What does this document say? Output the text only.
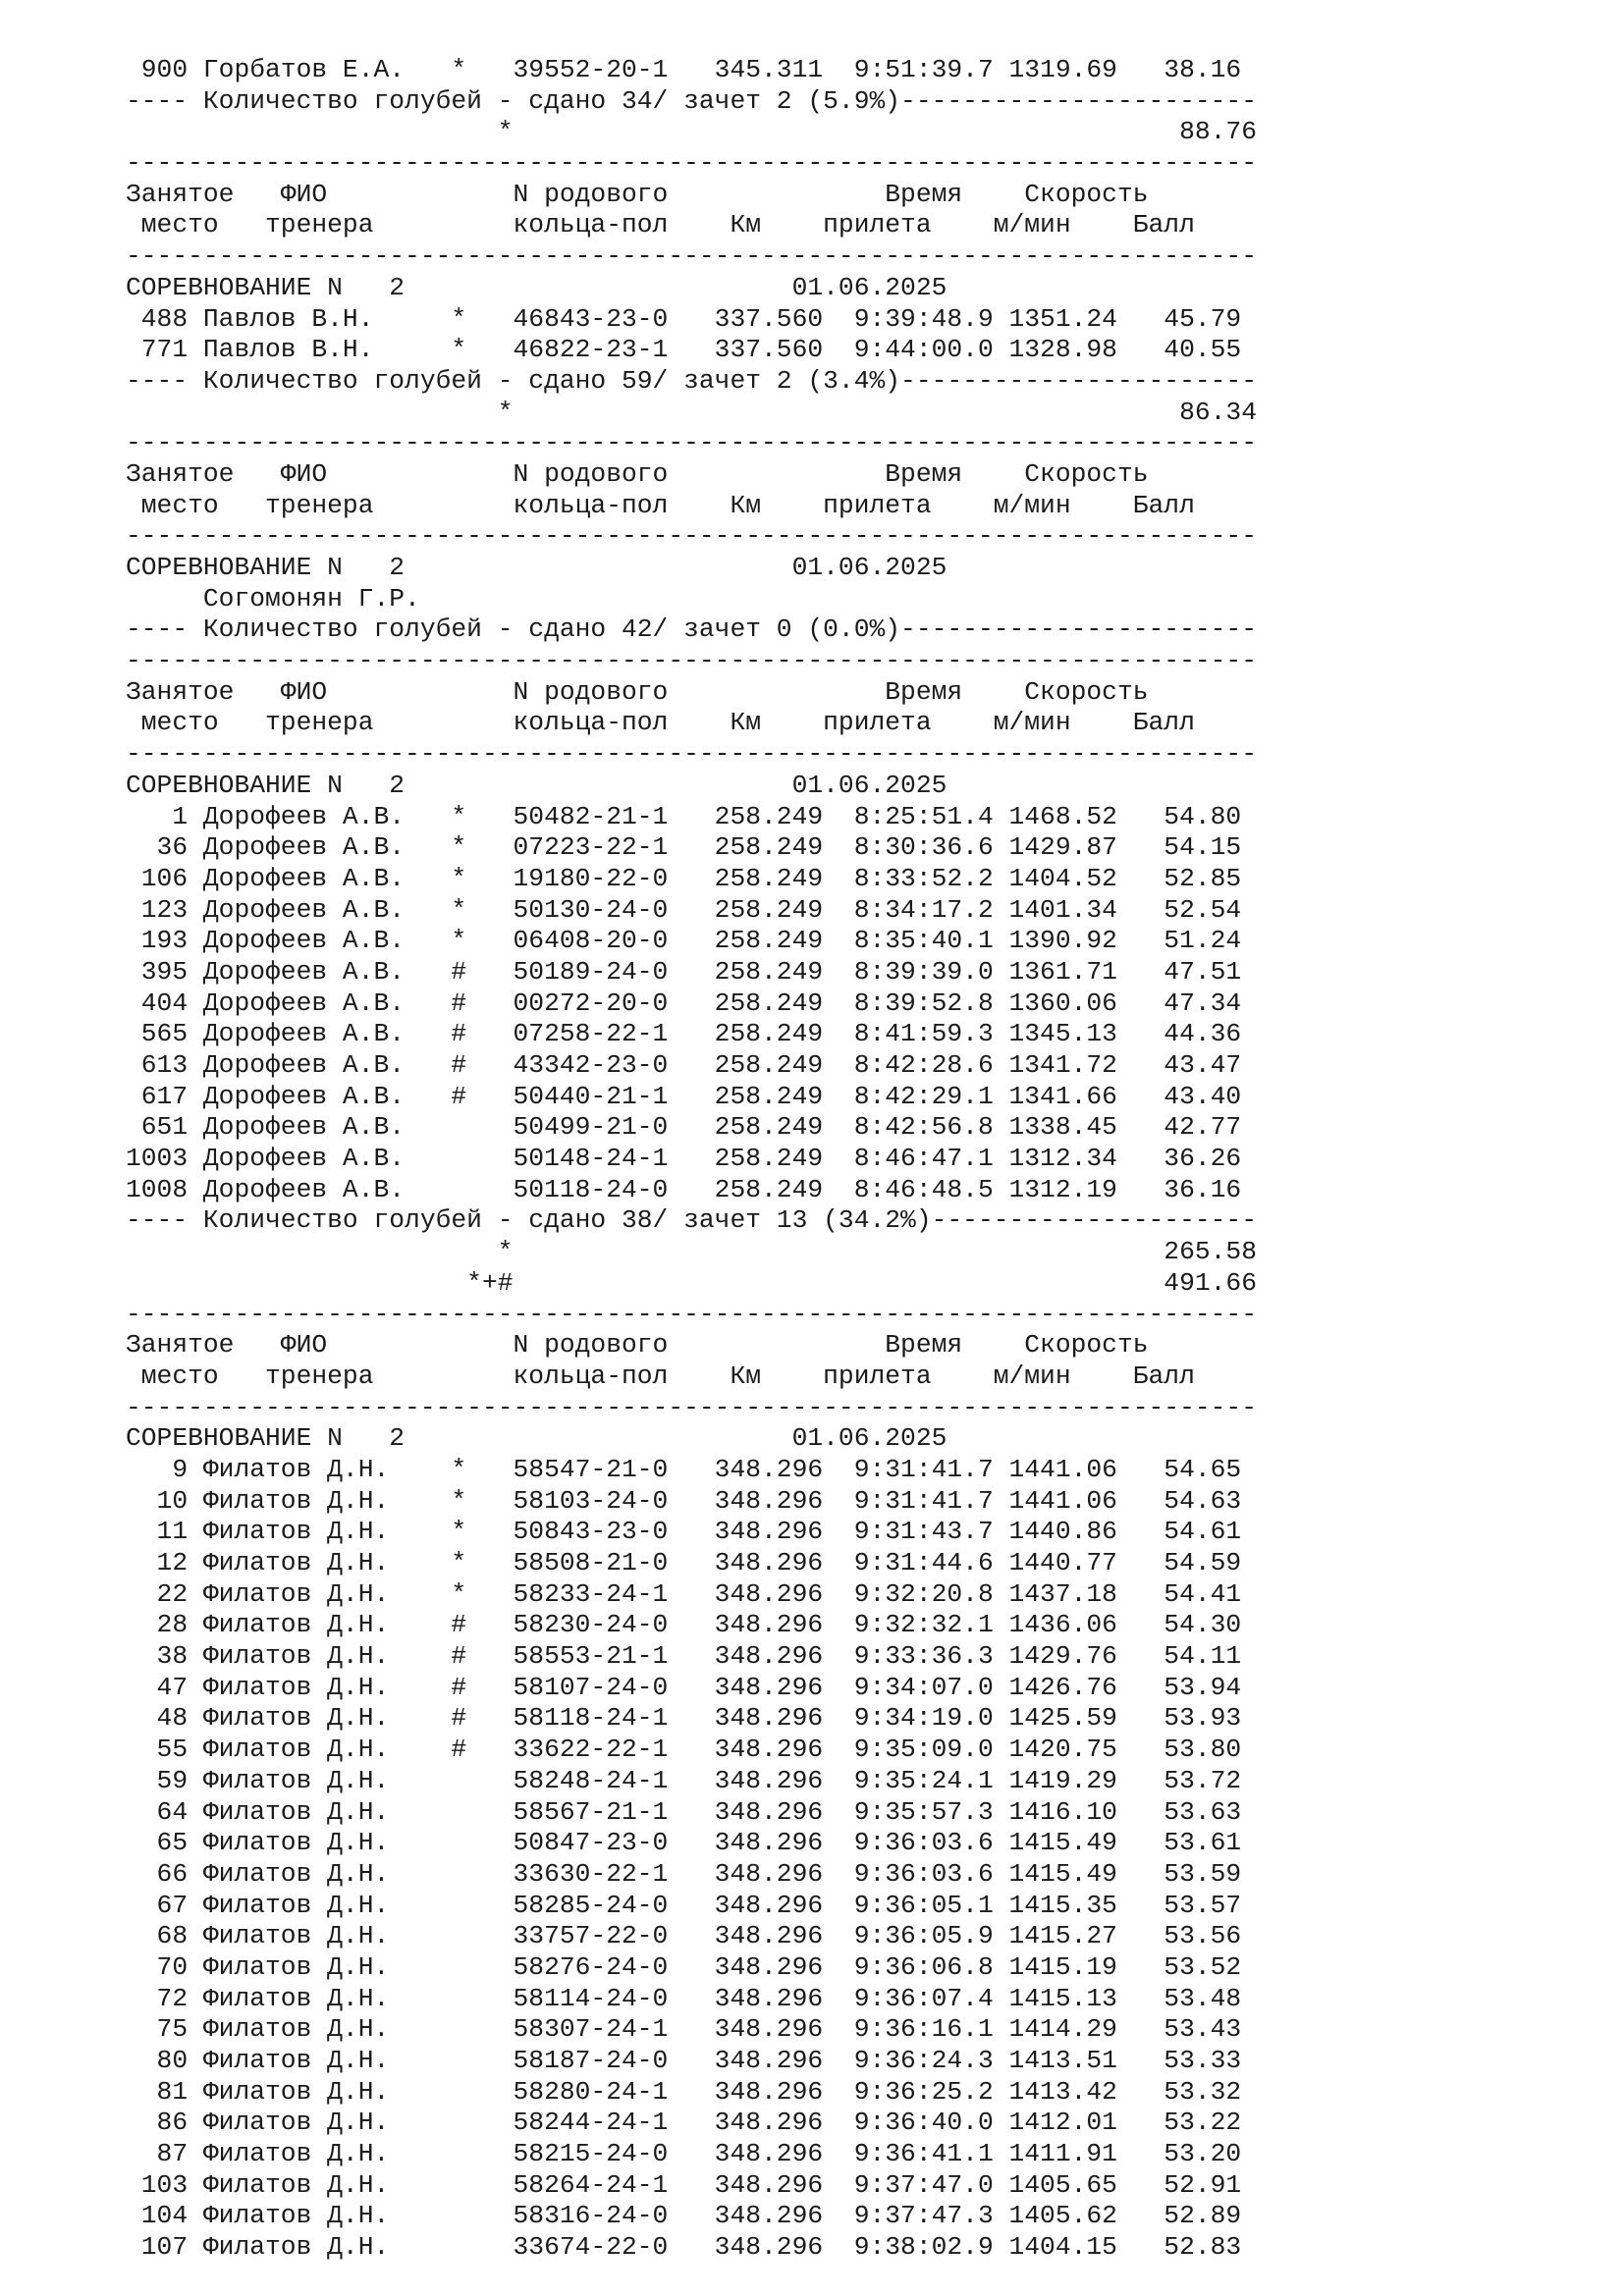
900 Горбатов Е.А.   *   39552-20-1   345.311  9:51:39.7 1319.69   38.16
---- Количество голубей - сдано 34/ зачет 2 (5.9%)-----------------------
*                                           88.76
-------------------------------------------------------------------------
Занятое   ФИО            N родового              Время    Скорость
место   тренера         кольца-пол    Км    прилета    м/мин    Балл
-------------------------------------------------------------------------
СОРЕВНОВАНИЕ N   2                         01.06.2025
488 Павлов В.Н.     *   46843-23-0   337.560  9:39:48.9 1351.24   45.79
771 Павлов В.Н.     *   46822-23-1   337.560  9:44:00.0 1328.98   40.55
---- Количество голубей - сдано 59/ зачет 2 (3.4%)-----------------------
*                                           86.34
-------------------------------------------------------------------------
Занятое   ФИО            N родового              Время    Скорость
место   тренера         кольца-пол    Км    прилета    м/мин    Балл
-------------------------------------------------------------------------
СОРЕВНОВАНИЕ N   2                         01.06.2025
Согомонян Г.Р.
---- Количество голубей - сдано 42/ зачет 0 (0.0%)-----------------------
-------------------------------------------------------------------------
Занятое   ФИО            N родового              Время    Скорость
место   тренера         кольца-пол    Км    прилета    м/мин    Балл
-------------------------------------------------------------------------
СОРЕВНОВАНИЕ N   2                         01.06.2025
1 Дорофеев А.В.   *   50482-21-1   258.249  8:25:51.4 1468.52   54.80
36 Дорофеев А.В.   *   07223-22-1   258.249  8:30:36.6 1429.87   54.15
106 Дорофеев А.В.   *   19180-22-0   258.249  8:33:52.2 1404.52   52.85
123 Дорофеев А.В.   *   50130-24-0   258.249  8:34:17.2 1401.34   52.54
193 Дорофеев А.В.   *   06408-20-0   258.249  8:35:40.1 1390.92   51.24
395 Дорофеев А.В.   #   50189-24-0   258.249  8:39:39.0 1361.71   47.51
404 Дорофеев А.В.   #   00272-20-0   258.249  8:39:52.8 1360.06   47.34
565 Дорофеев А.В.   #   07258-22-1   258.249  8:41:59.3 1345.13   44.36
613 Дорофеев А.В.   #   43342-23-0   258.249  8:42:28.6 1341.72   43.47
617 Дорофеев А.В.   #   50440-21-1   258.249  8:42:29.1 1341.66   43.40
651 Дорофеев А.В.       50499-21-0   258.249  8:42:56.8 1338.45   42.77
1003 Дорофеев А.В.       50148-24-1   258.249  8:46:47.1 1312.34   36.26
1008 Дорофеев А.В.       50118-24-0   258.249  8:46:48.5 1312.19   36.16
---- Количество голубей - сдано 38/ зачет 13 (34.2%)---------------------
*                                          265.58
*+#                                          491.66
-------------------------------------------------------------------------
Занятое   ФИО            N родового              Время    Скорость
место   тренера         кольца-пол    Км    прилета    м/мин    Балл
-------------------------------------------------------------------------
СОРЕВНОВАНИЕ N   2                         01.06.2025
9 Филатов Д.Н.    *   58547-21-0   348.296  9:31:41.7 1441.06   54.65
10 Филатов Д.Н.    *   58103-24-0   348.296  9:31:41.7 1441.06   54.63
11 Филатов Д.Н.    *   50843-23-0   348.296  9:31:43.7 1440.86   54.61
12 Филатов Д.Н.    *   58508-21-0   348.296  9:31:44.6 1440.77   54.59
22 Филатов Д.Н.    *   58233-24-1   348.296  9:32:20.8 1437.18   54.41
28 Филатов Д.Н.    #   58230-24-0   348.296  9:32:32.1 1436.06   54.30
38 Филатов Д.Н.    #   58553-21-1   348.296  9:33:36.3 1429.76   54.11
47 Филатов Д.Н.    #   58107-24-0   348.296  9:34:07.0 1426.76   53.94
48 Филатов Д.Н.    #   58118-24-1   348.296  9:34:19.0 1425.59   53.93
55 Филатов Д.Н.    #   33622-22-1   348.296  9:35:09.0 1420.75   53.80
59 Филатов Д.Н.        58248-24-1   348.296  9:35:24.1 1419.29   53.72
64 Филатов Д.Н.        58567-21-1   348.296  9:35:57.3 1416.10   53.63
65 Филатов Д.Н.        50847-23-0   348.296  9:36:03.6 1415.49   53.61
66 Филатов Д.Н.        33630-22-1   348.296  9:36:03.6 1415.49   53.59
67 Филатов Д.Н.        58285-24-0   348.296  9:36:05.1 1415.35   53.57
68 Филатов Д.Н.        33757-22-0   348.296  9:36:05.9 1415.27   53.56
70 Филатов Д.Н.        58276-24-0   348.296  9:36:06.8 1415.19   53.52
72 Филатов Д.Н.        58114-24-0   348.296  9:36:07.4 1415.13   53.48
75 Филатов Д.Н.        58307-24-1   348.296  9:36:16.1 1414.29   53.43
80 Филатов Д.Н.        58187-24-0   348.296  9:36:24.3 1413.51   53.33
81 Филатов Д.Н.        58280-24-1   348.296  9:36:25.2 1413.42   53.32
86 Филатов Д.Н.        58244-24-1   348.296  9:36:40.0 1412.01   53.22
87 Филатов Д.Н.        58215-24-0   348.296  9:36:41.1 1411.91   53.20
103 Филатов Д.Н.        58264-24-1   348.296  9:37:47.0 1405.65   52.91
104 Филатов Д.Н.        58316-24-0   348.296  9:37:47.3 1405.62   52.89
107 Филатов Д.Н.        33674-22-0   348.296  9:38:02.9 1404.15   52.83
